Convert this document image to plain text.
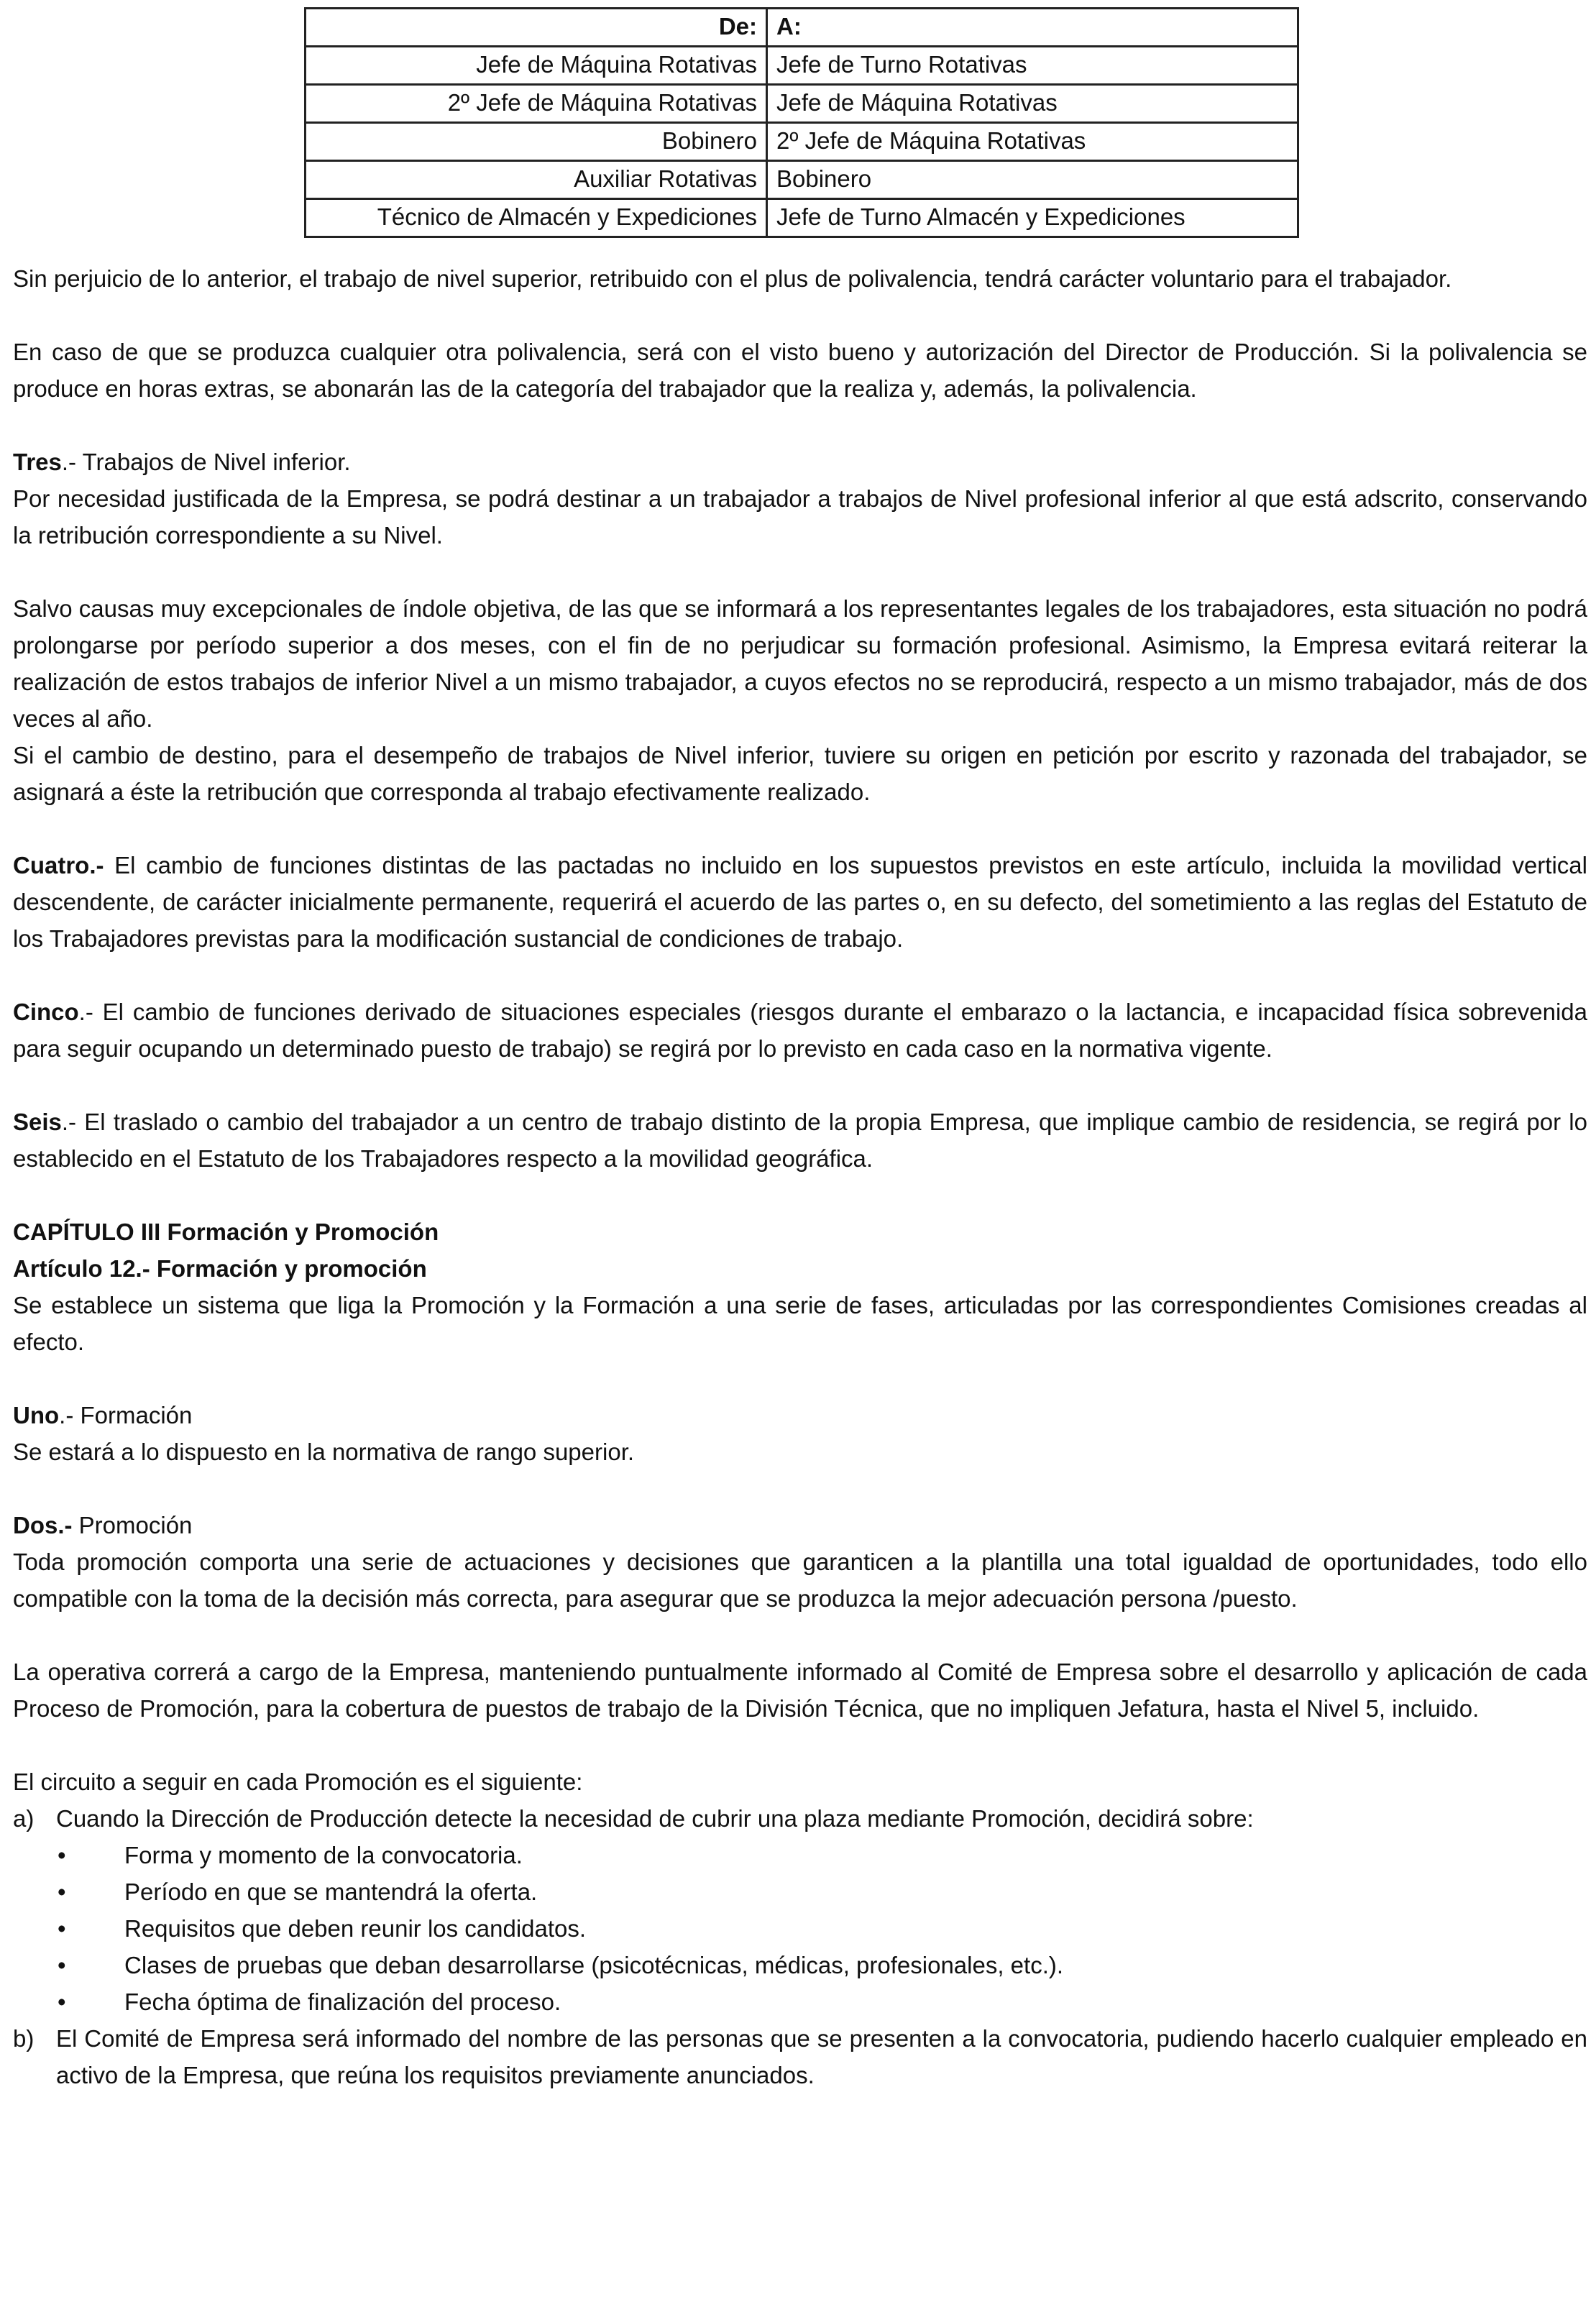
De:	A:
Jefe de Máquina Rotativas	Jefe de Turno Rotativas
2º Jefe de Máquina Rotativas	Jefe de Máquina Rotativas
Bobinero	2º Jefe de Máquina Rotativas
Auxiliar Rotativas	Bobinero
Técnico de Almacén y Expediciones	Jefe de Turno Almacén y Expediciones

Sin perjuicio de lo anterior, el trabajo de nivel superior, retribuido con el plus de polivalencia, tendrá carácter voluntario para el trabajador.

En caso de que se produzca cualquier otra polivalencia, será con el visto bueno y autorización del Director de Producción. Si la polivalencia se produce en horas extras, se abonarán las de la categoría del trabajador que la realiza y, además, la polivalencia.

Tres.- Trabajos de Nivel inferior.

Por necesidad justificada de la Empresa, se podrá destinar a un trabajador a trabajos de Nivel profesional inferior al que está adscrito, conservando la retribución correspondiente a su Nivel.

Salvo causas muy excepcionales de índole objetiva, de las que se informará a los representantes legales de los trabajadores, esta situación no podrá prolongarse por período superior a dos meses, con el fin de no perjudicar su formación profesional. Asimismo, la Empresa evitará reiterar la realización de estos trabajos de inferior Nivel a un mismo trabajador, a cuyos efectos no se reproducirá, respecto a un mismo trabajador, más de dos veces al año.

Si el cambio de destino, para el desempeño de trabajos de Nivel inferior, tuviere su origen en petición por escrito y razonada del trabajador, se asignará a éste la retribución que corresponda al trabajo efectivamente realizado.

Cuatro.- El cambio de funciones distintas de las pactadas no incluido en los supuestos previstos en este artículo, incluida la movilidad vertical descendente, de carácter inicialmente permanente, requerirá el acuerdo de las partes o, en su defecto, del sometimiento a las reglas del Estatuto de los Trabajadores previstas para la modificación sustancial de condiciones de trabajo.

Cinco.- El cambio de funciones derivado de situaciones especiales (riesgos durante el embarazo o la lactancia, e incapacidad física sobrevenida para seguir ocupando un determinado puesto de trabajo) se regirá por lo previsto en cada caso en la normativa vigente.

Seis.- El traslado o cambio del trabajador a un centro de trabajo distinto de la propia Empresa, que implique cambio de residencia, se regirá por lo establecido en el Estatuto de los Trabajadores respecto a la movilidad geográfica.

CAPÍTULO III Formación y Promoción

Artículo 12.- Formación y promoción

Se establece un sistema que liga la Promoción y la Formación a una serie de fases, articuladas por las correspondientes Comisiones creadas al efecto.

Uno.- Formación

Se estará a lo dispuesto en la normativa de rango superior.

Dos.- Promoción

Toda promoción comporta una serie de actuaciones y decisiones que garanticen a la plantilla una total igualdad de oportunidades, todo ello compatible con la toma de la decisión más correcta, para asegurar que se produzca la mejor adecuación persona /puesto.

La operativa correrá a cargo de la Empresa, manteniendo puntualmente informado al Comité de Empresa sobre el desarrollo y aplicación de cada Proceso de Promoción, para la cobertura de puestos de trabajo de la División Técnica, que no impliquen Jefatura, hasta el Nivel 5, incluido.

El circuito a seguir en cada Promoción es el siguiente:

a) Cuando la Dirección de Producción detecte la necesidad de cubrir una plaza mediante Promoción, decidirá sobre:
•	Forma y momento de la convocatoria.
•	Período en que se mantendrá la oferta.
•	Requisitos que deben reunir los candidatos.
•	Clases de pruebas que deban desarrollarse (psicotécnicas, médicas, profesionales, etc.).
•	Fecha óptima de finalización del proceso.
b) El Comité de Empresa será informado del nombre de las personas que se presenten a la convocatoria, pudiendo hacerlo cualquier empleado en activo de la Empresa, que reúna los requisitos previamente anunciados.
